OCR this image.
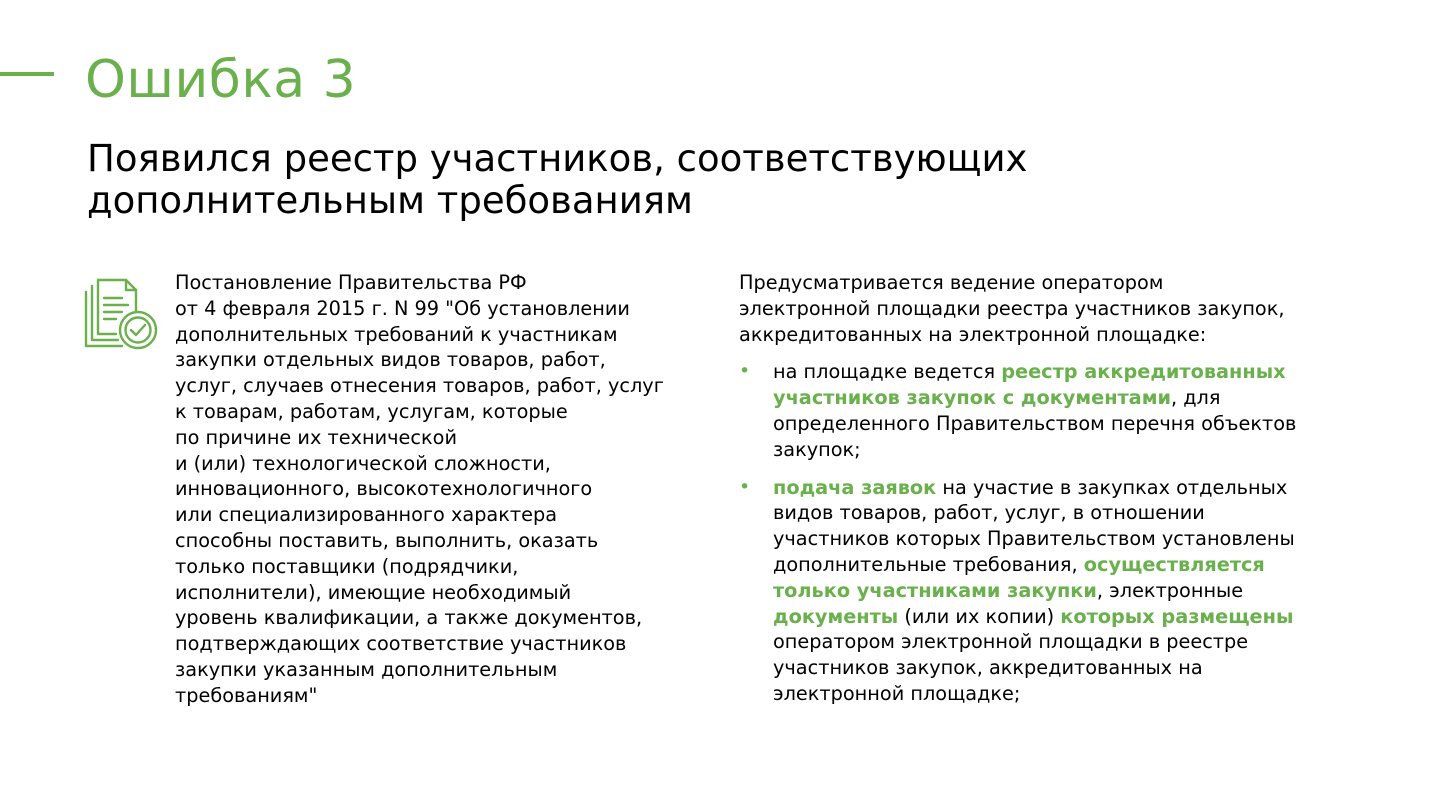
Ошибка 3
Появился реестр участников, соответствующих
дополнительным требованиям
Постановление Правительства РФ
от 4 февраля 2015 г. N 99 "Об установлении
дополнительных требований к участникам
закупки отдельных видов товаров, работ,
услуг, случаев отнесения товаров, работ, услуг
к товарам, работам, услугам, которые
по причине их технической
и (или) технологической сложности,
инновационного, высокотехнологичного
или специализированного характера
способны поставить, выполнить, оказать
только поставщики (подрядчики,
исполнители), имеющие необходимый
уровень квалификации, а также документов,
подтверждающих соответствие участников
закупки указанным дополнительным
требованиям"
Предусматривается ведение оператором
электронной площадки реестра участников закупок,
аккредитованных на электронной площадке:
• на площадке ведется реестр аккредитованных
участников закупок с документами, для
определенного Правительством перечня объектов
закупок;
• подача заявок на участие в закупках отдельных
видов товаров, работ, услуг, в отношении
участников которых Правительством установлены
дополнительные требования, осуществляется
только участниками закупки, электронные
документы (или их копии) которых размещены
оператором электронной площадки в реестре
участников закупок, аккредитованных на
электронной площадке;
